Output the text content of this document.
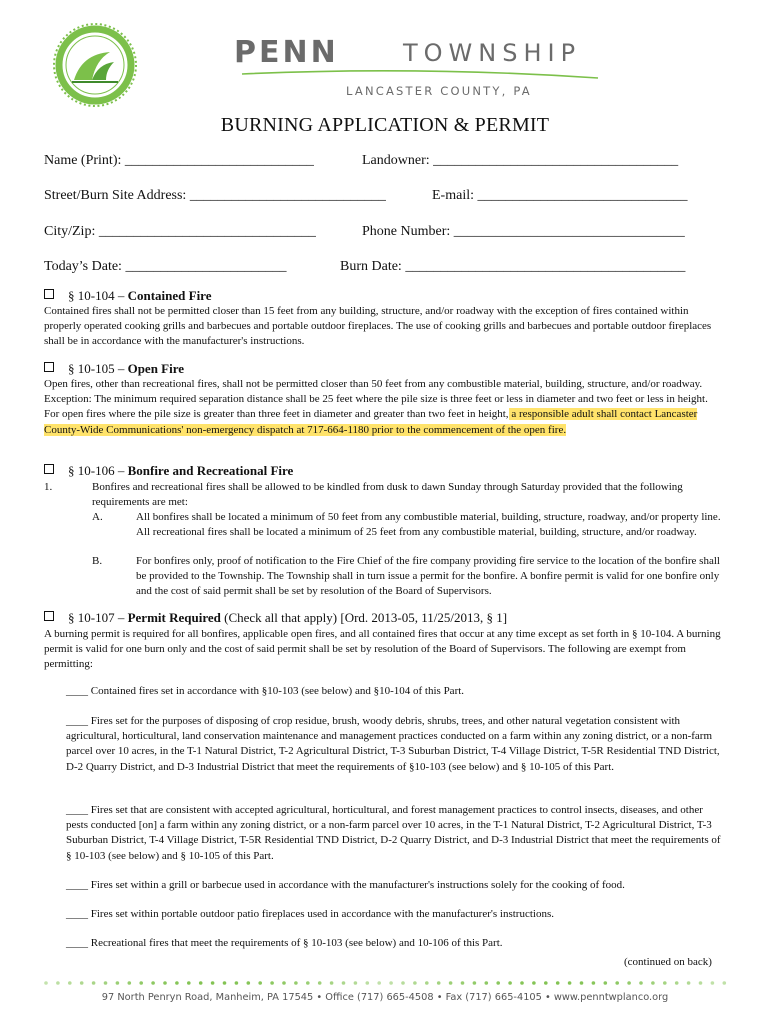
PENN	TOWNSHIP
LANCASTER COUNTY, PA
BURNING APPLICATION & PERMIT
Name (Print): ___________________________	Landowner: ___________________________________
Street/Burn Site Address: ____________________________	E-mail: ______________________________
City/Zip: _______________________________	Phone Number: _________________________________
Today’s Date: _______________________	Burn Date: ________________________________________
§ 10-104 – Contained Fire
Contained fires shall not be permitted closer than 15 feet from any building, structure, and/or roadway with the exception of fires contained within properly operated cooking grills and barbecues and portable outdoor fireplaces. The use of cooking grills and barbecues and portable outdoor fireplaces shall be in accordance with the manufacturer's instructions.
§ 10-105 – Open Fire
Open fires, other than recreational fires, shall not be permitted closer than 50 feet from any combustible material, building, structure, and/or roadway. Exception: The minimum required separation distance shall be 25 feet where the pile size is three feet or less in diameter and two feet or less in height. For open fires where the pile size is greater than three feet in diameter and greater than two feet in height, a responsible adult shall contact Lancaster County-Wide Communications' non-emergency dispatch at 717-664-1180 prior to the commencement of the open fire.
§ 10-106 – Bonfire and Recreational Fire
1.	Bonfires and recreational fires shall be allowed to be kindled from dusk to dawn Sunday through Saturday provided that the following requirements are met:
A.	All bonfires shall be located a minimum of 50 feet from any combustible material, building, structure, roadway, and/or property line. All recreational fires shall be located a minimum of 25 feet from any combustible material, building, structure, and/or roadway.
B.	For bonfires only, proof of notification to the Fire Chief of the fire company providing fire service to the location of the bonfire shall be provided to the Township. The Township shall in turn issue a permit for the bonfire. A bonfire permit is valid for one bonfire only and the cost of said permit shall be set by resolution of the Board of Supervisors.
§ 10-107 – Permit Required (Check all that apply) [Ord. 2013-05, 11/25/2013, § 1]
A burning permit is required for all bonfires, applicable open fires, and all contained fires that occur at any time except as set forth in § 10-104. A burning permit is valid for one burn only and the cost of said permit shall be set by resolution of the Board of Supervisors. The following are exempt from permitting:
____ Contained fires set in accordance with §10-103 (see below) and §10-104 of this Part.
____ Fires set for the purposes of disposing of crop residue, brush, woody debris, shrubs, trees, and other natural vegetation consistent with agricultural, horticultural, land conservation maintenance and management practices conducted on a farm within any zoning district, or a non-farm parcel over 10 acres, in the T-1 Natural District, T-2 Agricultural District, T-3 Suburban District, T-4 Village District, T-5R Residential TND District, D-2 Quarry District, and D-3 Industrial District that meet the requirements of §10-103 (see below) and § 10-105 of this Part.
____ Fires set that are consistent with accepted agricultural, horticultural, and forest management practices to control insects, diseases, and other pests conducted [on] a farm within any zoning district, or a non-farm parcel over 10 acres, in the T-1 Natural District, T-2 Agricultural District, T-3 Suburban District, T-4 Village District, T-5R Residential TND District, D-2 Quarry District, and D-3 Industrial District that meet the requirements of § 10-103 (see below) and § 10-105 of this Part.
____ Fires set within a grill or barbecue used in accordance with the manufacturer's instructions solely for the cooking of food.
____ Fires set within portable outdoor patio fireplaces used in accordance with the manufacturer's instructions.
____ Recreational fires that meet the requirements of § 10-103 (see below) and 10-106 of this Part.
(continued on back)
97 North Penryn Road, Manheim, PA 17545 • Office (717) 665-4508 • Fax (717) 665-4105 • www.penntwplanco.org
